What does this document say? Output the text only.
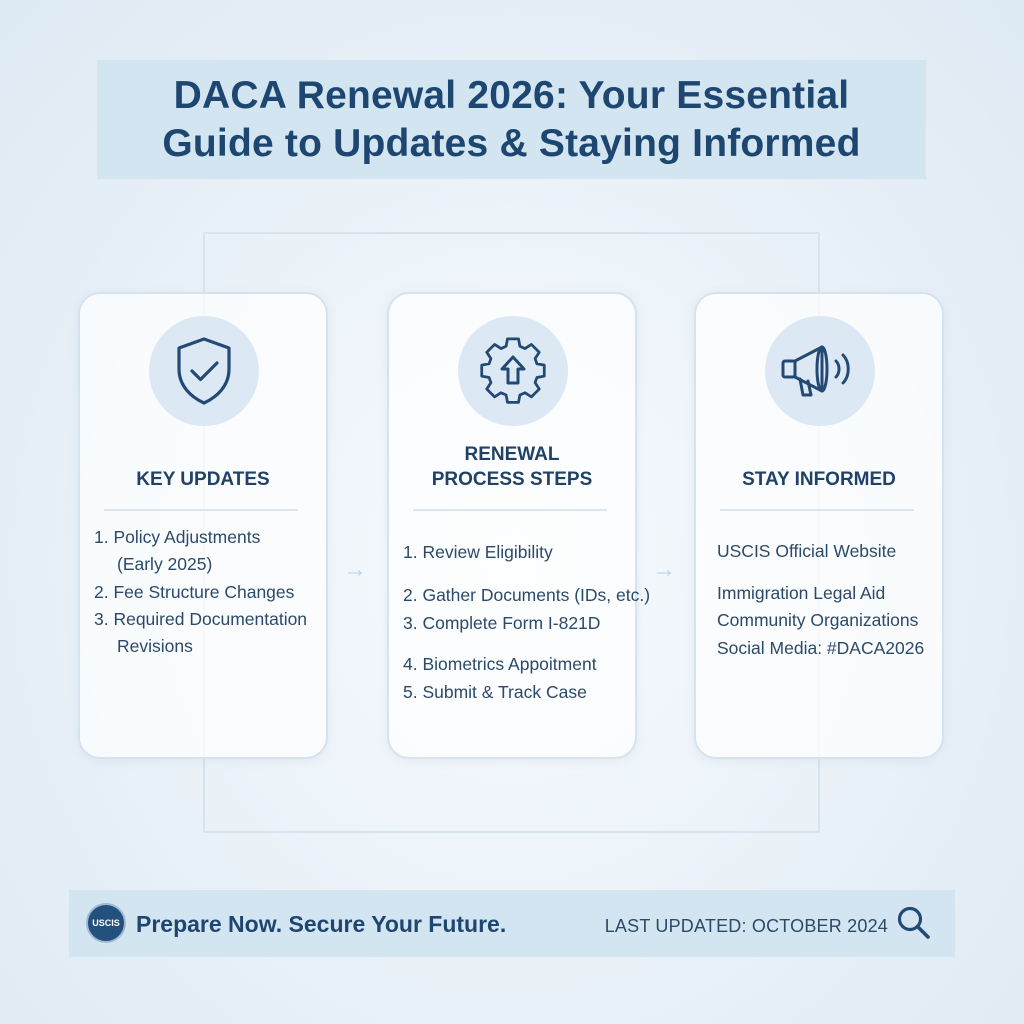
DACA Renewal 2026: Your Essential
Guide to Updates & Staying Informed
KEY UPDATES
1. Policy Adjustments
(Early 2025)
2. Fee Structure Changes
3. Required Documentation
Revisions
→
RENEWAL
PROCESS STEPS
1. Review Eligibility
2. Gather Documents (IDs, etc.)
3. Complete Form I-821D
4. Biometrics Appoitment
5. Submit & Track Case
→
STAY INFORMED
USCIS Official Website
Immigration Legal Aid
Community Organizations
Social Media: #DACA2026
USCIS Prepare Now. Secure Your Future.	LAST UPDATED: OCTOBER 2024
